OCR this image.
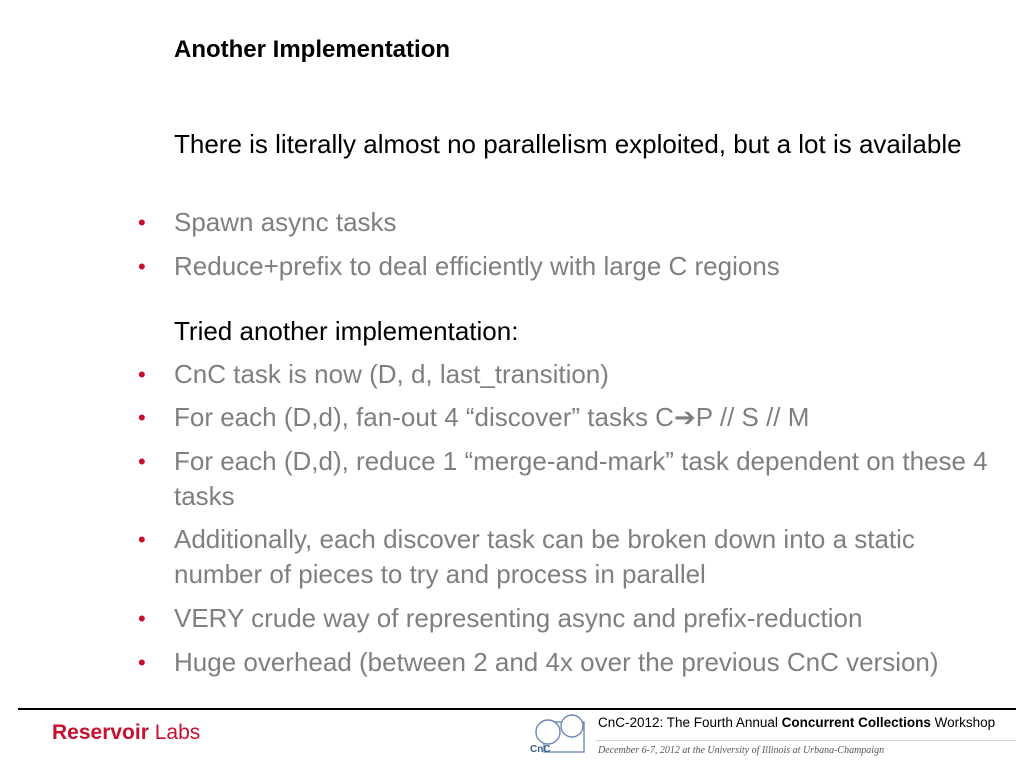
Another Implementation
There is literally almost no parallelism exploited, but a lot is available
• Spawn async tasks
• Reduce+prefix to deal efficiently with large C regions
Tried another implementation:
• CnC task is now (D, d, last_transition)
• For each (D,d), fan-out 4 “discover” tasks C➔P // S // M
• For each (D,d), reduce 1 “merge-and-mark” task dependent on these 4 tasks
• Additionally, each discover task can be broken down into a static number of pieces to try and process in parallel
• VERY crude way of representing async and prefix-reduction
• Huge overhead (between 2 and 4x over the previous CnC version)
Reservoir Labs
CnC
CnC-2012: The Fourth Annual Concurrent Collections Workshop
December 6-7, 2012 at the University of Illinois at Urbana-Champaign
